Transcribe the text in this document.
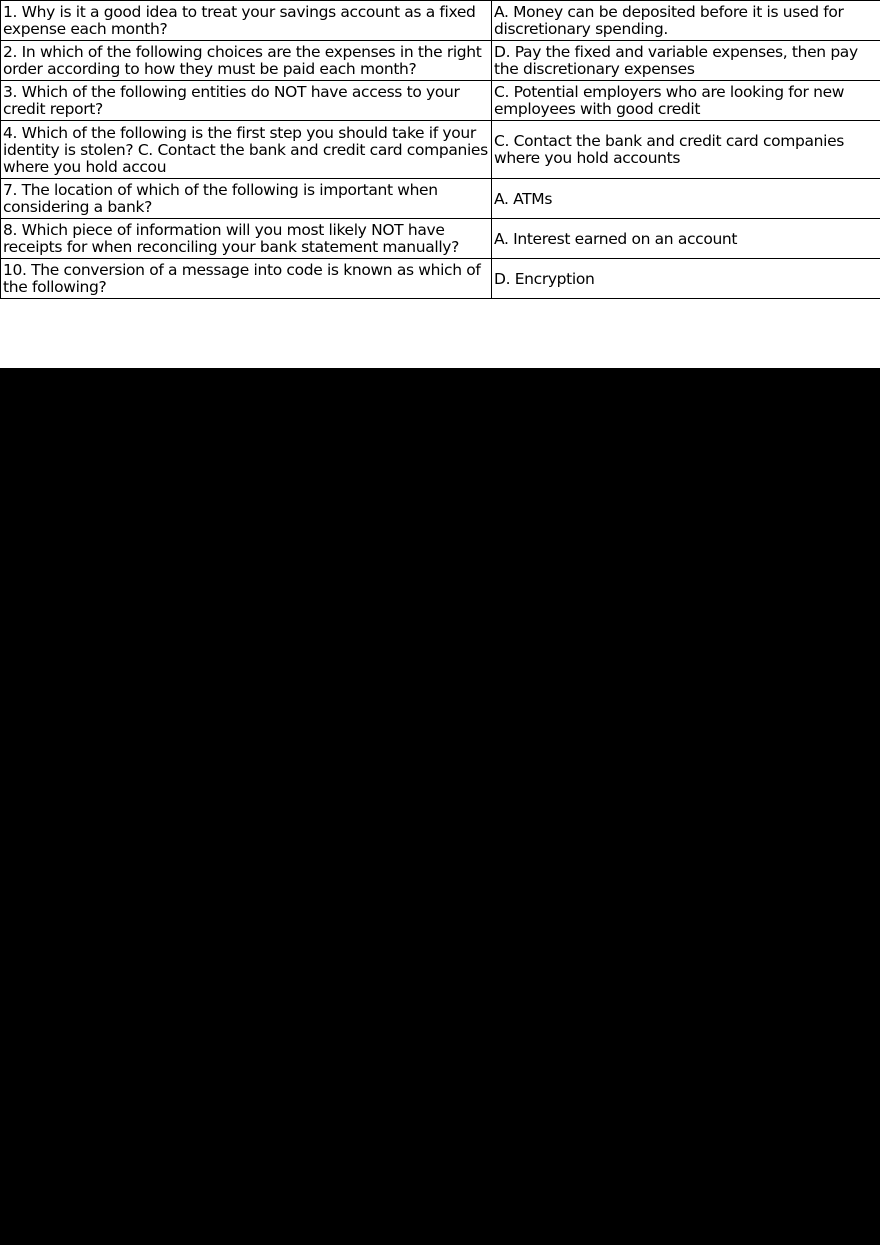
1. Why is it a good idea to treat your savings account as a fixed expense each month?	A. Money can be deposited before it is used for discretionary spending.
2. In which of the following choices are the expenses in the right order according to how they must be paid each month?	D. Pay the fixed and variable expenses, then pay the discretionary expenses
3. Which of the following entities do NOT have access to your credit report?	C. Potential employers who are looking for new employees with good credit
4. Which of the following is the first step you should take if your identity is stolen? C. Contact the bank and credit card companies where you hold accou	C. Contact the bank and credit card companies where you hold accounts
7. The location of which of the following is important when considering a bank?	A. ATMs
8. Which piece of information will you most likely NOT have receipts for when reconciling your bank statement manually?	A. Interest earned on an account
10. The conversion of a message into code is known as which of the following?	D. Encryption
